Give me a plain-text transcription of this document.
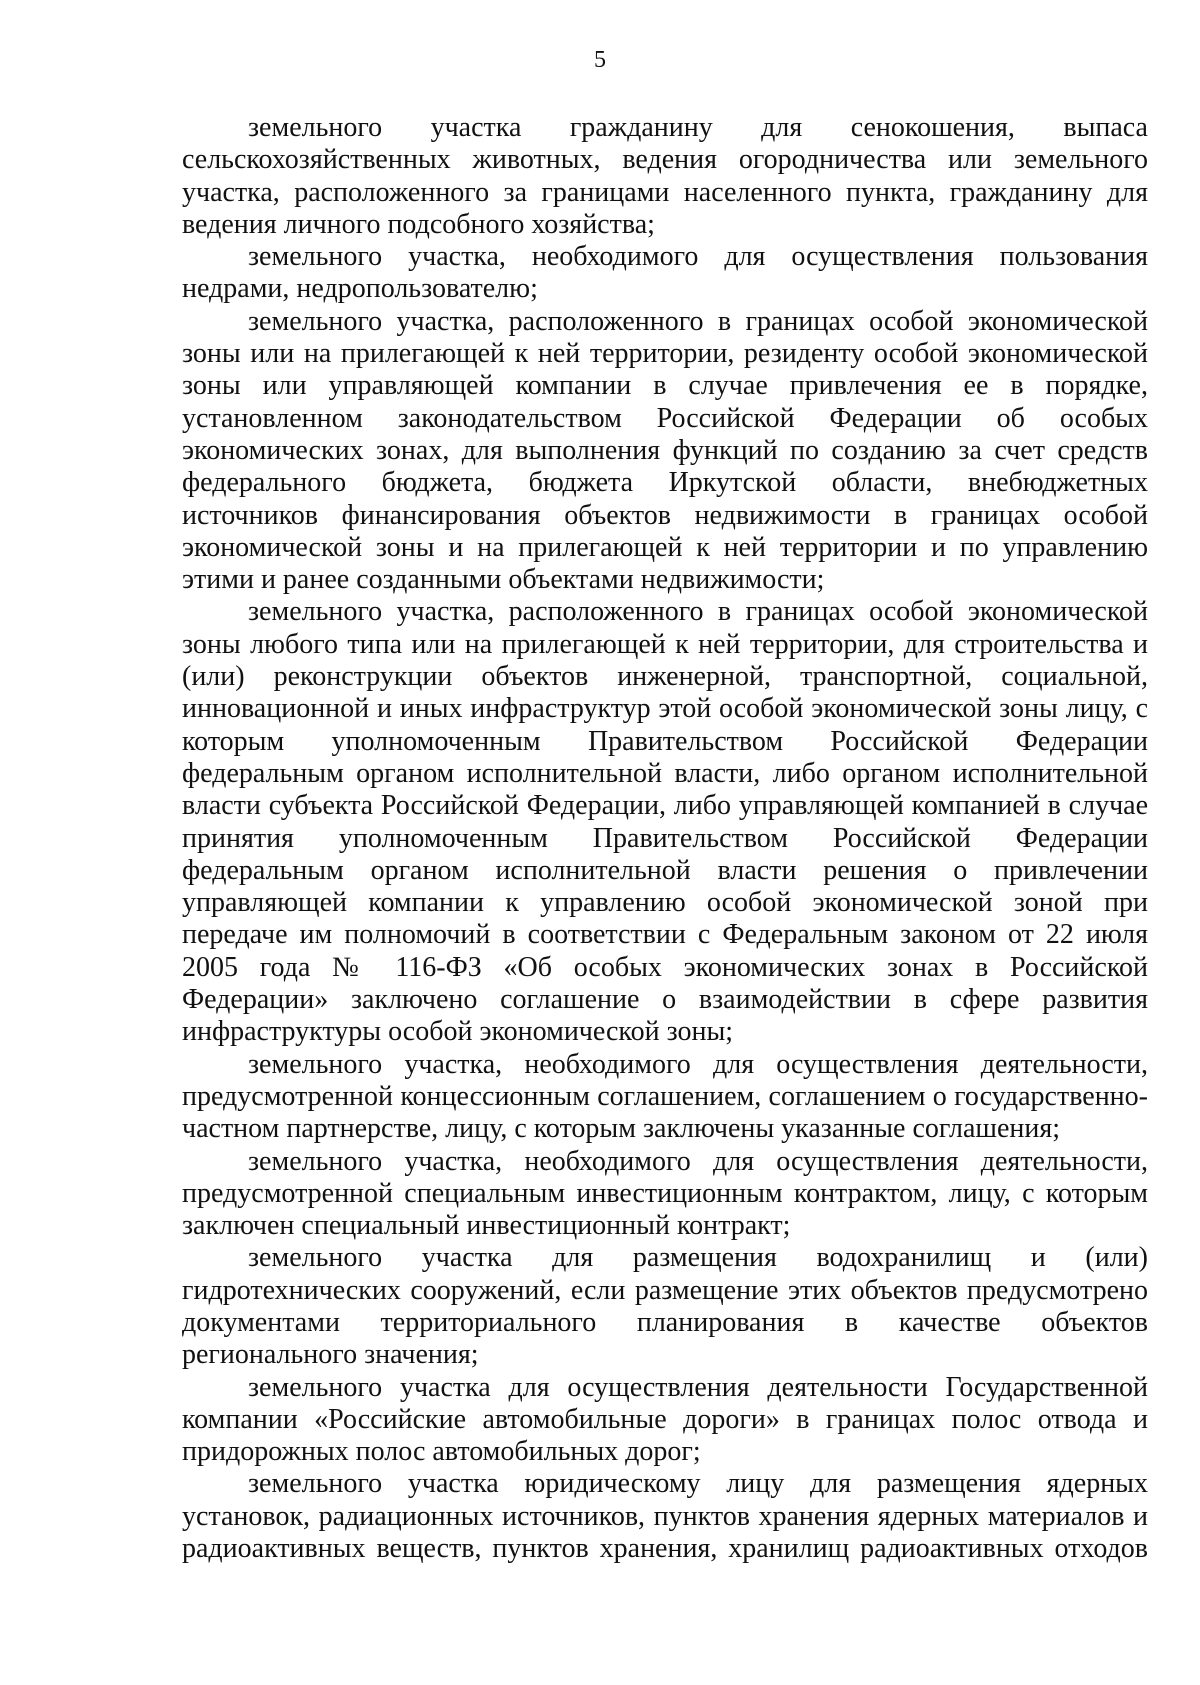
5

земельного участка гражданину для сенокошения, выпаса сельскохозяйственных животных, ведения огородничества или земельного участка, расположенного за границами населенного пункта, гражданину для ведения личного подсобного хозяйства;

земельного участка, необходимого для осуществления пользования недрами, недропользователю;

земельного участка, расположенного в границах особой экономической зоны или на прилегающей к ней территории, резиденту особой экономической зоны или управляющей компании в случае привлечения ее в порядке, установленном законодательством Российской Федерации об особых экономических зонах, для выполнения функций по созданию за счет средств федерального бюджета, бюджета Иркутской области, внебюджетных источников финансирования объектов недвижимости в границах особой экономической зоны и на прилегающей к ней территории и по управлению этими и ранее созданными объектами недвижимости;

земельного участка, расположенного в границах особой экономической зоны любого типа или на прилегающей к ней территории, для строительства и (или) реконструкции объектов инженерной, транспортной, социальной, инновационной и иных инфраструктур этой особой экономической зоны лицу, с которым уполномоченным Правительством Российской Федерации федеральным органом исполнительной власти, либо органом исполнительной власти субъекта Российской Федерации, либо управляющей компанией в случае принятия уполномоченным Правительством Российской Федерации федеральным органом исполнительной власти решения о привлечении управляющей компании к управлению особой экономической зоной при передаче им полномочий в соответствии с Федеральным законом от 22 июля 2005 года № 116-ФЗ «Об особых экономических зонах в Российской Федерации» заключено соглашение о взаимодействии в сфере развития инфраструктуры особой экономической зоны;

земельного участка, необходимого для осуществления деятельности, предусмотренной концессионным соглашением, соглашением о государственно-частном партнерстве, лицу, с которым заключены указанные соглашения;

земельного участка, необходимого для осуществления деятельности, предусмотренной специальным инвестиционным контрактом, лицу, с которым заключен специальный инвестиционный контракт;

земельного участка для размещения водохранилищ и (или) гидротехнических сооружений, если размещение этих объектов предусмотрено документами территориального планирования в качестве объектов регионального значения;

земельного участка для осуществления деятельности Государственной компании «Российские автомобильные дороги» в границах полос отвода и придорожных полос автомобильных дорог;

земельного участка юридическому лицу для размещения ядерных установок, радиационных источников, пунктов хранения ядерных материалов и радиоактивных веществ, пунктов хранения, хранилищ радиоактивных отходов
